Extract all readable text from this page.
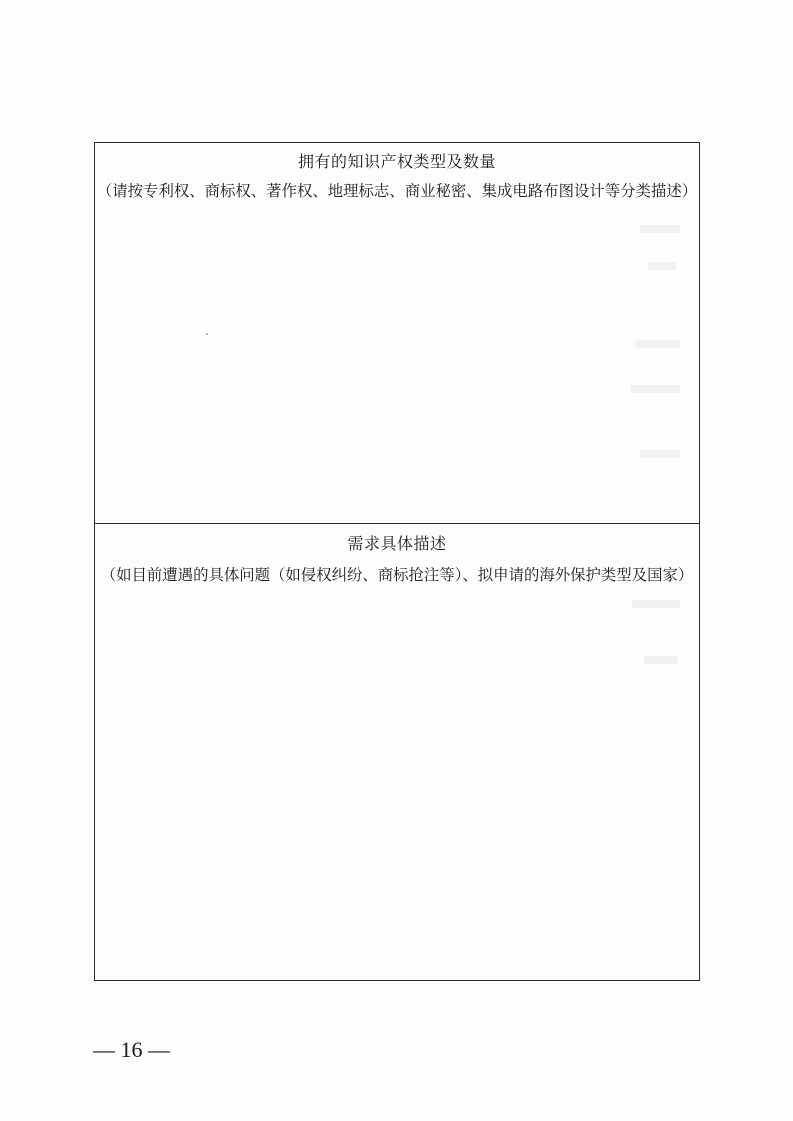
拥有的知识产权类型及数量
（请按专利权、商标权、著作权、地理标志、商业秘密、集成电路布图设计等分类描述）
需求具体描述
（如目前遭遇的具体问题（如侵权纠纷、商标抢注等）、拟申请的海外保护类型及国家）
— 16 —
